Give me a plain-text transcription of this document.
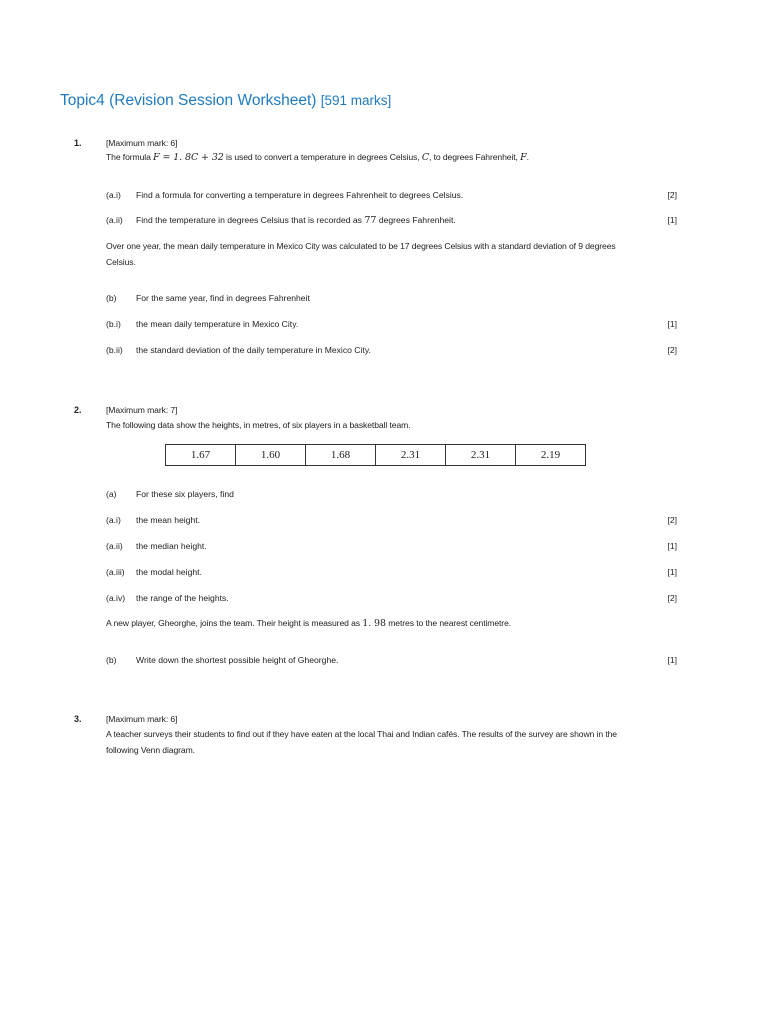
Topic4 (Revision Session Worksheet) [591 marks]
1.	[Maximum mark: 6]
The formula F = 1. 8C + 32 is used to convert a temperature in degrees Celsius, C, to degrees Fahrenheit, F.
(a.i) Find a formula for converting a temperature in degrees Fahrenheit to degrees Celsius.	[2]
(a.ii) Find the temperature in degrees Celsius that is recorded as 77 degrees Fahrenheit.	[1]
Over one year, the mean daily temperature in Mexico City was calculated to be 17 degrees Celsius with a standard deviation of 9 degrees Celsius.
(b) For the same year, find in degrees Fahrenheit
(b.i) the mean daily temperature in Mexico City.	[1]
(b.ii) the standard deviation of the daily temperature in Mexico City.	[2]
2.	[Maximum mark: 7]
The following data show the heights, in metres, of six players in a basketball team.
1.67	1.60	1.68	2.31	2.31	2.19
(a) For these six players, find
(a.i) the mean height.	[2]
(a.ii) the median height.	[1]
(a.iii) the modal height.	[1]
(a.iv) the range of the heights.	[2]
A new player, Gheorghe, joins the team. Their height is measured as 1. 98 metres to the nearest centimetre.
(b) Write down the shortest possible height of Gheorghe.	[1]
3.	[Maximum mark: 6]
A teacher surveys their students to find out if they have eaten at the local Thai and Indian cafés. The results of the survey are shown in the following Venn diagram.
